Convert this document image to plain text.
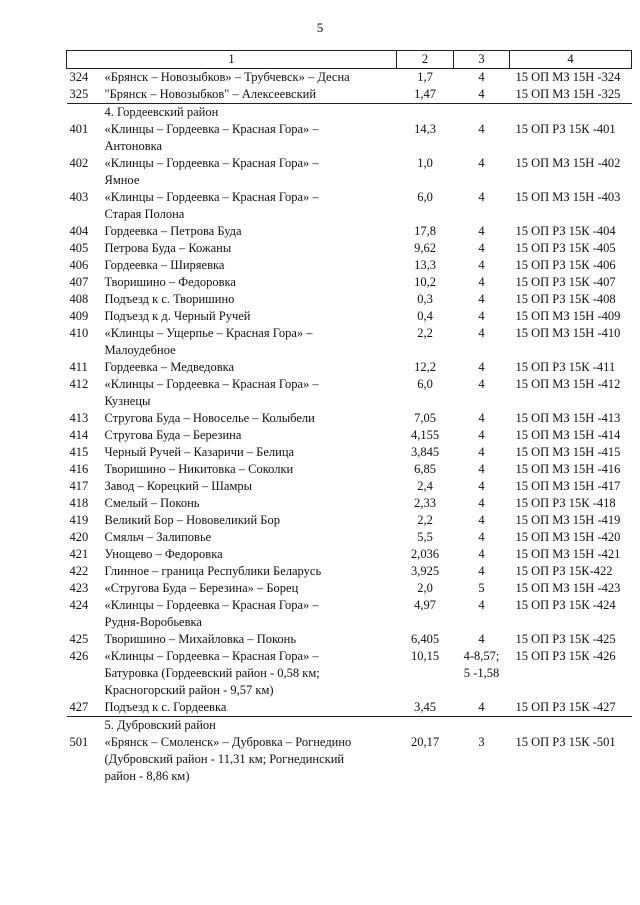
5
1	2	3	4

324 «Брянск – Новозыбков» – Трубчевск» – Десна	1,7	4	15 ОП МЗ 15Н -324

325 "Брянск – Новозыбков" – Алексеевский	1,47	4	15 ОП МЗ 15Н -325
4. Гордеевский район			

401 «Клинцы – Гордеевка – Красная Гора» –
Антоновка	14,3	4	15 ОП РЗ 15К -401

402 «Клинцы – Гордеевка – Красная Гора» –
Ямное	1,0	4	15 ОП МЗ 15Н -402

403 «Клинцы – Гордеевка – Красная Гора» –
Старая Полона	6,0	4	15 ОП МЗ 15Н -403

404 Гордеевка – Петрова Буда	17,8	4	15 ОП РЗ 15К -404

405 Петрова Буда – Кожаны	9,62	4	15 ОП РЗ 15К -405

406 Гордеевка – Ширяевка	13,3	4	15 ОП РЗ 15К -406

407 Творишино – Федоровка	10,2	4	15 ОП РЗ 15К -407

408 Подъезд к с. Творишино	0,3	4	15 ОП РЗ 15К -408

409 Подъезд к д. Черный Ручей	0,4	4	15 ОП МЗ 15Н -409

410 «Клинцы – Ущерпье – Красная Гора» –
Малоудебное	2,2	4	15 ОП МЗ 15Н -410

411 Гордеевка – Медведовка	12,2	4	15 ОП РЗ 15К -411

412 «Клинцы – Гордеевка – Красная Гора» –
Кузнецы	6,0	4	15 ОП МЗ 15Н -412

413 Стругова Буда – Новоселье – Колыбели	7,05	4	15 ОП МЗ 15Н -413

414 Стругова Буда – Березина	4,155	4	15 ОП МЗ 15Н -414

415 Черный Ручей – Казаричи – Белица	3,845	4	15 ОП МЗ 15Н -415

416 Творишино – Никитовка – Соколки	6,85	4	15 ОП МЗ 15Н -416

417 Завод – Корецкий – Шамры	2,4	4	15 ОП МЗ 15Н -417

418 Смелый – Поконь	2,33	4	15 ОП РЗ 15К -418

419 Великий Бор – Нововеликий Бор	2,2	4	15 ОП МЗ 15Н -419

420 Смяльч – Залиповье	5,5	4	15 ОП МЗ 15Н -420

421 Унощево – Федоровка	2,036	4	15 ОП МЗ 15Н -421

422 Глинное – граница Республики Беларусь	3,925	4	15 ОП РЗ 15К-422

423 «Стругова Буда – Березина» – Борец	2,0	5	15 ОП МЗ 15Н -423

424 «Клинцы – Гордеевка – Красная Гора» –
Рудня-Воробьевка	4,97	4	15 ОП РЗ 15К -424

425 Творишино – Михайловка – Поконь	6,405	4	15 ОП РЗ 15К -425

426 «Клинцы – Гордеевка – Красная Гора» –
Батуровка (Гордеевский район - 0,58 км;
Красногорский район - 9,57 км)	10,15	4-8,57;
5 -1,58	15 ОП РЗ 15К -426

427 Подъезд к с. Гордеевка	3,45	4	15 ОП РЗ 15К -427
5. Дубровский район			

501 «Брянск – Смоленск» – Дубровка – Рогнедино
(Дубровский район - 11,31 км; Рогнединский
район - 8,86 км)	20,17	3	15 ОП РЗ 15К -501
